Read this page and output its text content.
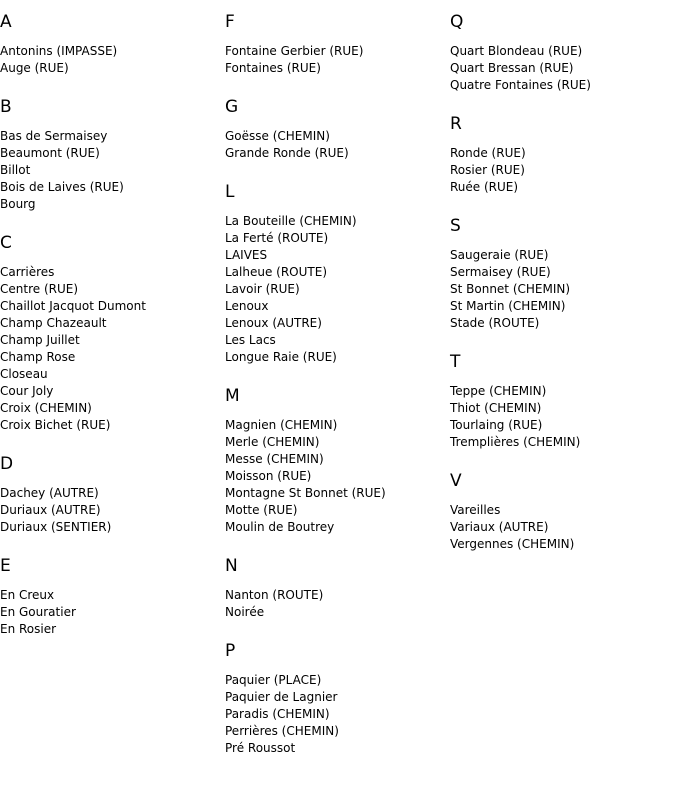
A
Antonins (IMPASSE)
Auge (RUE)
B
Bas de Sermaisey
Beaumont (RUE)
Billot
Bois de Laives (RUE)
Bourg
C
Carrières
Centre (RUE)
Chaillot Jacquot Dumont
Champ Chazeault
Champ Juillet
Champ Rose
Closeau
Cour Joly
Croix (CHEMIN)
Croix Bichet (RUE)
D
Dachey (AUTRE)
Duriaux (AUTRE)
Duriaux (SENTIER)
E
En Creux
En Gouratier
En Rosier
F
Fontaine Gerbier (RUE)
Fontaines (RUE)
G
Goësse (CHEMIN)
Grande Ronde (RUE)
L
La Bouteille (CHEMIN)
La Ferté (ROUTE)
LAIVES
Lalheue (ROUTE)
Lavoir (RUE)
Lenoux
Lenoux (AUTRE)
Les Lacs
Longue Raie (RUE)
M
Magnien (CHEMIN)
Merle (CHEMIN)
Messe (CHEMIN)
Moisson (RUE)
Montagne St Bonnet (RUE)
Motte (RUE)
Moulin de Boutrey
N
Nanton (ROUTE)
Noirée
P
Paquier (PLACE)
Paquier de Lagnier
Paradis (CHEMIN)
Perrières (CHEMIN)
Pré Roussot
Q
Quart Blondeau (RUE)
Quart Bressan (RUE)
Quatre Fontaines (RUE)
R
Ronde (RUE)
Rosier (RUE)
Ruée (RUE)
S
Saugeraie (RUE)
Sermaisey (RUE)
St Bonnet (CHEMIN)
St Martin (CHEMIN)
Stade (ROUTE)
T
Teppe (CHEMIN)
Thiot (CHEMIN)
Tourlaing (RUE)
Tremplières (CHEMIN)
V
Vareilles
Variaux (AUTRE)
Vergennes (CHEMIN)
